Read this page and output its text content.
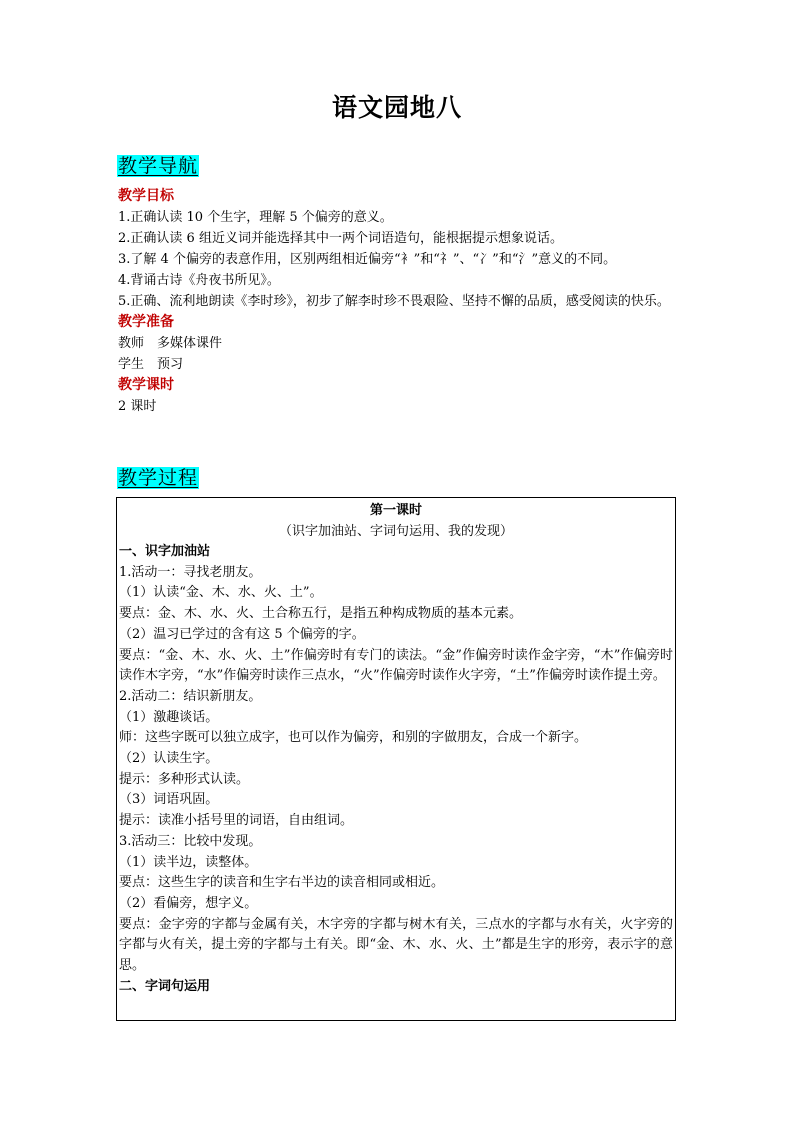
语文园地八
教学导航
教学目标
1.正确认读 10 个生字，理解 5 个偏旁的意义。
2.正确认读 6 组近义词并能选择其中一两个词语造句，能根据提示想象说话。
3.了解 4 个偏旁的表意作用，区别两组相近偏旁“衤”和“礻”、“冫”和“氵”意义的不同。
4.背诵古诗《舟夜书所见》。
5.正确、流利地朗读《李时珍》，初步了解李时珍不畏艰险、坚持不懈的品质，感受阅读的快乐。
教学准备
教师　多媒体课件
学生　预习
教学课时
2 课时
教学过程
第一课时
（识字加油站、字词句运用、我的发现）
一、识字加油站
1.活动一：寻找老朋友。
（1）认读“金、木、水、火、土”。
要点：金、木、水、火、土合称五行，是指五种构成物质的基本元素。
（2）温习已学过的含有这 5 个偏旁的字。
要点：“金、木、水、火、土”作偏旁时有专门的读法。“金”作偏旁时读作金字旁，“木”作偏旁时读作木字旁，“水”作偏旁时读作三点水，“火”作偏旁时读作火字旁，“土”作偏旁时读作提土旁。
2.活动二：结识新朋友。
（1）激趣谈话。
师：这些字既可以独立成字，也可以作为偏旁，和别的字做朋友，合成一个新字。
（2）认读生字。
提示：多种形式认读。
（3）词语巩固。
提示：读准小括号里的词语，自由组词。
3.活动三：比较中发现。
（1）读半边，读整体。
要点：这些生字的读音和生字右半边的读音相同或相近。
（2）看偏旁，想字义。
要点：金字旁的字都与金属有关，木字旁的字都与树木有关，三点水的字都与水有关，火字旁的字都与火有关，提土旁的字都与土有关。即“金、木、水、火、土”都是生字的形旁，表示字的意思。
二、字词句运用
